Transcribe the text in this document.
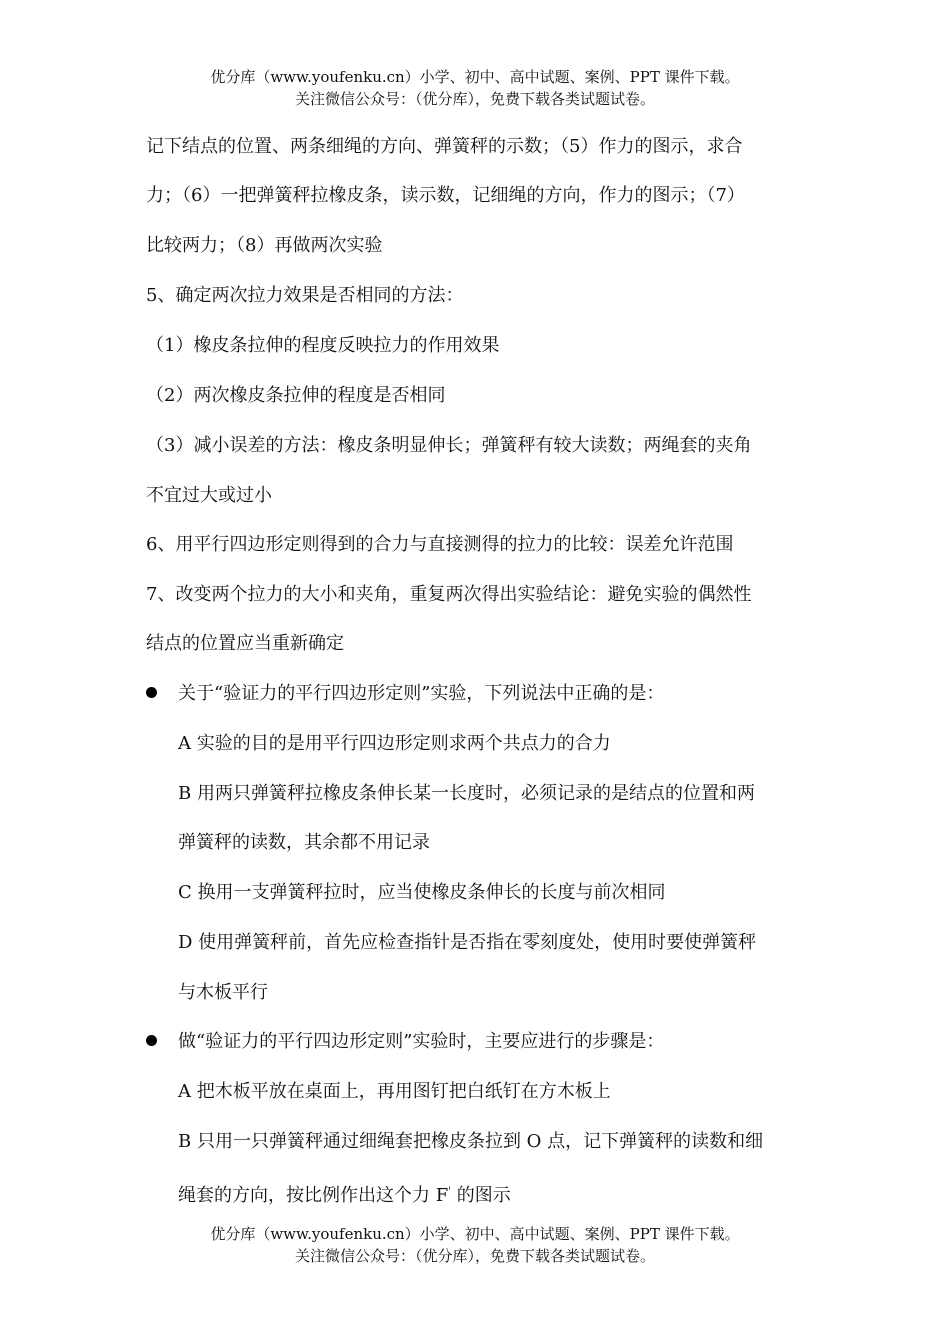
优分库（www.youfenku.cn）小学、初中、高中试题、案例、PPT 课件下载。
关注微信公众号：（优分库），免费下载各类试题试卷。
记下结点的位置、两条细绳的方向、弹簧秤的示数；（5）作力的图示，求合
力；（6）一把弹簧秤拉橡皮条，读示数，记细绳的方向，作力的图示；（7）
比较两力；（8）再做两次实验
5、确定两次拉力效果是否相同的方法：
（1）橡皮条拉伸的程度反映拉力的作用效果
（2）两次橡皮条拉伸的程度是否相同
（3）减小误差的方法：橡皮条明显伸长；弹簧秤有较大读数；两绳套的夹角
不宜过大或过小
6、用平行四边形定则得到的合力与直接测得的拉力的比较：误差允许范围
7、改变两个拉力的大小和夹角，重复两次得出实验结论：避免实验的偶然性
结点的位置应当重新确定
关于“验证力的平行四边形定则”实验，下列说法中正确的是：
A 实验的目的是用平行四边形定则求两个共点力的合力
B 用两只弹簧秤拉橡皮条伸长某一长度时，必须记录的是结点的位置和两
弹簧秤的读数，其余都不用记录
C 换用一支弹簧秤拉时，应当使橡皮条伸长的长度与前次相同
D 使用弹簧秤前，首先应检查指针是否指在零刻度处，使用时要使弹簧秤
与木板平行
做“验证力的平行四边形定则”实验时，主要应进行的步骤是：
A 把木板平放在桌面上，再用图钉把白纸钉在方木板上
B 只用一只弹簧秤通过细绳套把橡皮条拉到 O 点，记下弹簧秤的读数和细
绳套的方向，按比例作出这个力 F' 的图示
优分库（www.youfenku.cn）小学、初中、高中试题、案例、PPT 课件下载。
关注微信公众号：（优分库），免费下载各类试题试卷。
